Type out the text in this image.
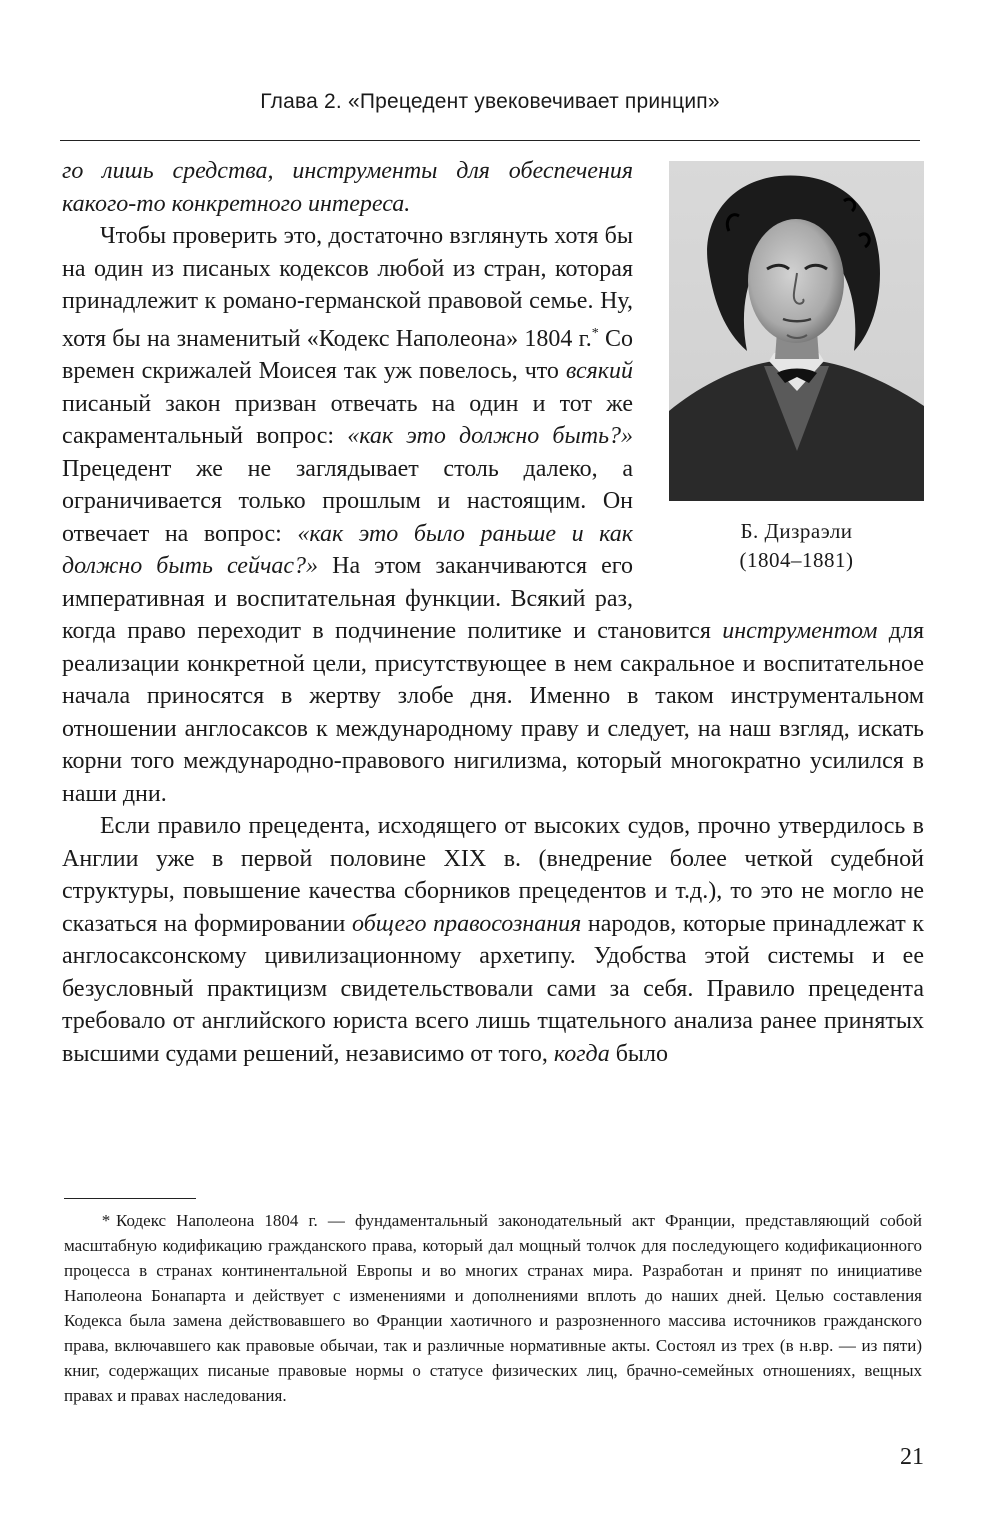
Глава 2. «Прецедент увековечивает принцип»
Б. Дизраэли
(1804–1881)

го лишь средства, инструменты для обеспечения какого-то конкретного интереса.

Чтобы проверить это, достаточно взглянуть хотя бы на один из писаных кодексов любой из стран, которая принадлежит к романо-германской правовой семье. Ну, хотя бы на знаменитый «Кодекс Наполеона» 1804 г.* Со времен скрижалей Моисея так уж повелось, что всякий писаный закон призван отвечать на один и тот же сакраментальный вопрос: «как это должно быть?» Прецедент же не заглядывает столь далеко, а ограничивается только прошлым и настоящим. Он отвечает на вопрос: «как это было раньше и как должно быть сейчас?» На этом заканчиваются его императивная и воспитательная функции. Всякий раз, когда право переходит в подчинение политике и становится инструментом для реализации конкретной цели, присутствующее в нем сакральное и воспитательное начала приносятся в жертву злобе дня. Именно в таком инструментальном отношении англосаксов к международному праву и следует, на наш взгляд, искать корни того международно-правового нигилизма, который многократно усилился в наши дни.

Если правило прецедента, исходящего от высоких судов, прочно утвердилось в Англии уже в первой половине XIX в. (внедрение более четкой судебной структуры, повышение качества сборников прецедентов и т.д.), то это не могло не сказаться на формировании общего правосознания народов, которые принадлежат к англосаксонскому цивилизационному архетипу. Удобства этой системы и ее безусловный практицизм свидетельствовали сами за себя. Правило прецедента требовало от английского юриста всего лишь тщательного анализа ранее принятых высшими судами решений, независимо от того, когда было

* Кодекс Наполеона 1804 г. — фундаментальный законодательный акт Франции, представляющий собой масштабную кодификацию гражданского права, который дал мощный толчок для последующего кодификационного процесса в странах континентальной Европы и во многих странах мира. Разработан и принят по инициативе Наполеона Бонапарта и действует с изменениями и дополнениями вплоть до наших дней. Целью составления Кодекса была замена действовавшего во Франции хаотичного и разрозненного массива источников гражданского права, включавшего как правовые обычаи, так и различные нормативные акты. Состоял из трех (в н.вр. — из пяти) книг, содержащих писаные правовые нормы о статусе физических лиц, брачно-семейных отношениях, вещных правах и правах наследования.

21
